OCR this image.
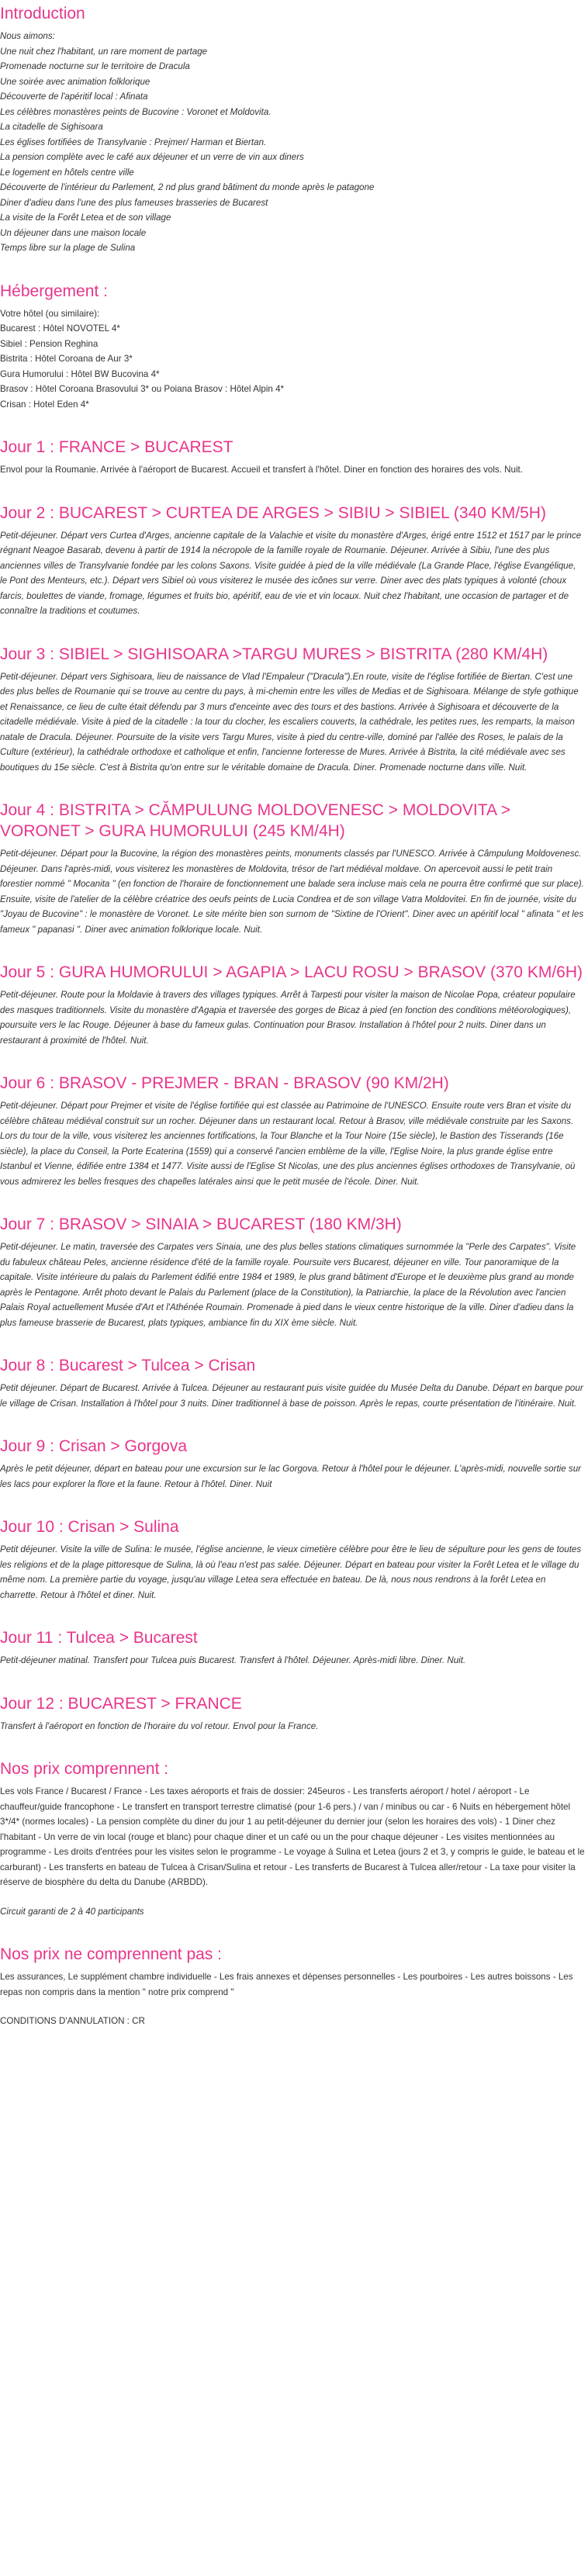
Introduction
Nous aimons:
Une nuit chez l'habitant, un rare moment de partage
Promenade nocturne sur le territoire de Dracula
Une soirée avec animation folklorique
Découverte de l'apéritif local : Afinata
Les célèbres monastères peints de Bucovine : Voronet et Moldovita.
La citadelle de Sighisoara
Les églises fortifiées de Transylvanie : Prejmer/ Harman et Biertan.
La pension complète avec le café aux déjeuner et un verre de vin aux diners
Le logement en hôtels centre ville
Découverte de l'intérieur du Parlement, 2 nd plus grand bâtiment du monde après le patagone
Diner d'adieu dans l'une des plus fameuses brasseries de Bucarest
La visite de la Forêt Letea et de son village
Un déjeuner dans une maison locale
Temps libre sur la plage de Sulina
Hébergement :
Votre hôtel (ou similaire):
Bucarest : Hôtel NOVOTEL 4*
Sibiel : Pension Reghina
Bistrita : Hôtel Coroana de Aur 3*
Gura Humorului : Hôtel BW Bucovina 4*
Brasov : Hôtel Coroana Brasovului 3* ou Poiana Brasov : Hôtel Alpin 4*
Crisan : Hotel Eden 4*
Jour 1 : FRANCE > BUCAREST

Envol pour la Roumanie. Arrivée à l'aéroport de Bucarest. Accueil et transfert à l'hôtel. Diner en fonction des horaires des vols. Nuit.

Jour 2 : BUCAREST > CURTEA DE ARGES > SIBIU > SIBIEL (340 KM/5H)

Petit-déjeuner. Départ vers Curtea d'Arges, ancienne capitale de la Valachie et visite du monastère d'Arges, érigé entre 1512 et 1517 par le prince régnant Neagoe Basarab, devenu à partir de 1914 la nécropole de la famille royale de Roumanie. Déjeuner. Arrivée à Sibiu, l'une des plus anciennes villes de Transylvanie fondée par les colons Saxons. Visite guidée à pied de la ville médiévale (La Grande Place, l'église Evangélique, le Pont des Menteurs, etc.). Départ vers Sibiel où vous visiterez le musée des icônes sur verre. Diner avec des plats typiques à volonté (choux farcis, boulettes de viande, fromage, légumes et fruits bio, apéritif, eau de vie et vin locaux. Nuit chez l'habitant, une occasion de partager et de connaître la traditions et coutumes.

Jour 3 : SIBIEL > SIGHISOARA >TARGU MURES > BISTRITA (280 KM/4H)

Petit-déjeuner. Départ vers Sighisoara, lieu de naissance de Vlad l'Empaleur ("Dracula").En route, visite de l'église fortifiée de Biertan. C'est une des plus belles de Roumanie qui se trouve au centre du pays, à mi-chemin entre les villes de Medias et de Sighisoara. Mélange de style gothique et Renaissance, ce lieu de culte était défendu par 3 murs d'enceinte avec des tours et des bastions. Arrivée à Sighisoara et découverte de la citadelle médiévale. Visite à pied de la citadelle : la tour du clocher, les escaliers couverts, la cathédrale, les petites rues, les remparts, la maison natale de Dracula. Déjeuner. Poursuite de la visite vers Targu Mures, visite à pied du centre-ville, dominé par l'allée des Roses, le palais de la Culture (extérieur), la cathédrale orthodoxe et catholique et enfin, l'ancienne forteresse de Mures. Arrivée à Bistrita, la cité médiévale avec ses boutiques du 15e siècle. C'est à Bistrita qu'on entre sur le véritable domaine de Dracula. Diner. Promenade nocturne dans ville. Nuit.

Jour 4 : BISTRITA > CĂMPULUNG MOLDOVENESC > MOLDOVITA > VORONET > GURA HUMORULUI (245 KM/4H)

Petit-déjeuner. Départ pour la Bucovine, la région des monastères peints, monuments classés par l'UNESCO. Arrivée à Câmpulung Moldovenesc. Déjeuner. Dans l'après-midi, vous visiterez les monastères de Moldovita, trésor de l'art médiéval moldave. On apercevoit aussi le petit train forestier nommé " Mocanita " (en fonction de l'horaire de fonctionnement une balade sera incluse mais cela ne pourra être confirmé que sur place). Ensuite, visite de l'atelier de la célèbre créatrice des oeufs peints de Lucia Condrea et de son village Vatra Moldovitei. En fin de journée, visite du "Joyau de Bucovine" : le monastère de Voronet. Le site mérite bien son surnom de "Sixtine de l'Orient". Diner avec un apéritif local " afinata " et les fameux " papanasi ". Diner avec animation folklorique locale. Nuit.

Jour 5 : GURA HUMORULUI > AGAPIA > LACU ROSU > BRASOV (370 KM/6H)

Petit-déjeuner. Route pour la Moldavie à travers des villages typiques. Arrêt à Tarpesti pour visiter la maison de Nicolae Popa, créateur populaire des masques traditionnels. Visite du monastère d'Agapia et traversée des gorges de Bicaz à pied (en fonction des conditions météorologiques), poursuite vers le lac Rouge. Déjeuner à base du fameux gulas. Continuation pour Brasov. Installation à l'hôtel pour 2 nuits. Diner dans un restaurant à proximité de l'hôtel. Nuit.

Jour 6 : BRASOV - PREJMER - BRAN - BRASOV (90 KM/2H)

Petit-déjeuner. Départ pour Prejmer et visite de l'église fortifiée qui est classée au Patrimoine de l'UNESCO. Ensuite route vers Bran et visite du célèbre château médiéval construit sur un rocher. Déjeuner dans un restaurant local. Retour à Brasov, ville médiévale construite par les Saxons. Lors du tour de la ville, vous visiterez les anciennes fortifications, la Tour Blanche et la Tour Noire (15e siècle), le Bastion des Tisserands (16e siècle), la place du Conseil, la Porte Ecaterina (1559) qui a conservé l'ancien emblème de la ville, l'Eglise Noire, la plus grande église entre Istanbul et Vienne, édifiée entre 1384 et 1477. Visite aussi de l'Eglise St Nicolas, une des plus anciennes églises orthodoxes de Transylvanie, où vous admirerez les belles fresques des chapelles latérales ainsi que le petit musée de l'école. Diner. Nuit.

Jour 7 : BRASOV > SINAIA > BUCAREST (180 KM/3H)

Petit-déjeuner. Le matin, traversée des Carpates vers Sinaia, une des plus belles stations climatiques surnommée la "Perle des Carpates". Visite du fabuleux château Peles, ancienne résidence d'été de la famille royale. Poursuite vers Bucarest, déjeuner en ville. Tour panoramique de la capitale. Visite intérieure du palais du Parlement édifié entre 1984 et 1989, le plus grand bâtiment d'Europe et le deuxième plus grand au monde après le Pentagone. Arrêt photo devant le Palais du Parlement (place de la Constitution), la Patriarchie, la place de la Révolution avec l'ancien Palais Royal actuellement Musée d'Art et l'Athénée Roumain. Promenade à pied dans le vieux centre historique de la ville. Diner d'adieu dans la plus fameuse brasserie de Bucarest, plats typiques, ambiance fin du XIX ème siècle. Nuit.

Jour 8 : Bucarest > Tulcea > Crisan

Petit déjeuner. Départ de Bucarest. Arrivée à Tulcea. Déjeuner au restaurant puis visite guidée du Musée Delta du Danube. Départ en barque pour le village de Crisan. Installation à l'hôtel pour 3 nuits. Diner traditionnel à base de poisson. Après le repas, courte présentation de l'itinéraire. Nuit.

Jour 9 : Crisan > Gorgova

Après le petit déjeuner, départ en bateau pour une excursion sur le lac Gorgova. Retour à l'hôtel pour le déjeuner. L'après-midi, nouvelle sortie sur les lacs pour explorer la flore et la faune. Retour à l'hôtel. Diner. Nuit

Jour 10 : Crisan > Sulina

Petit déjeuner. Visite la ville de Sulina: le musée, l'église ancienne, le vieux cimetière célèbre pour être le lieu de sépulture pour les gens de toutes les religions et de la plage pittoresque de Sulina, là où l'eau n'est pas salée. Déjeuner. Départ en bateau pour visiter la Forêt Letea et le village du même nom. La première partie du voyage, jusqu'au village Letea sera effectuée en bateau. De là, nous nous rendrons à la forêt Letea en charrette. Retour à l'hôtel et diner. Nuit.

Jour 11 : Tulcea > Bucarest

Petit-déjeuner matinal. Transfert pour Tulcea puis Bucarest. Transfert à l'hôtel. Déjeuner. Après-midi libre. Diner. Nuit.

Jour 12 : BUCAREST > FRANCE

Transfert à l'aéroport en fonction de l'horaire du vol retour. Envol pour la France.

Nos prix comprennent :

Les vols France / Bucarest / France - Les taxes aéroports et frais de dossier: 245euros - Les transferts aéroport / hotel / aéroport - Le chauffeur/guide francophone - Le transfert en transport terrestre climatisé (pour 1-6 pers.) / van / minibus ou car - 6 Nuits en hébergement hôtel 3*/4* (normes locales) - La pension complète du diner du jour 1 au petit-déjeuner du dernier jour (selon les horaires des vols) - 1 Diner chez l'habitant - Un verre de vin local (rouge et blanc) pour chaque diner et un café ou un the pour chaque déjeuner - Les visites mentionnées au programme - Les droits d'entrées pour les visites selon le programme - Le voyage à Sulina et Letea (jours 2 et 3, y compris le guide, le bateau et le carburant) - Les transferts en bateau de Tulcea à Crisan/Sulina et retour - Les transferts de Bucarest à Tulcea aller/retour - La taxe pour visiter la réserve de biosphère du delta du Danube (ARBDD).

Circuit garanti de 2 à 40 participants

Nos prix ne comprennent pas :

Les assurances, Le supplément chambre individuelle - Les frais annexes et dépenses personnelles - Les pourboires - Les autres boissons - Les repas non compris dans la mention " notre prix comprend "

CONDITIONS D'ANNULATION : CR
